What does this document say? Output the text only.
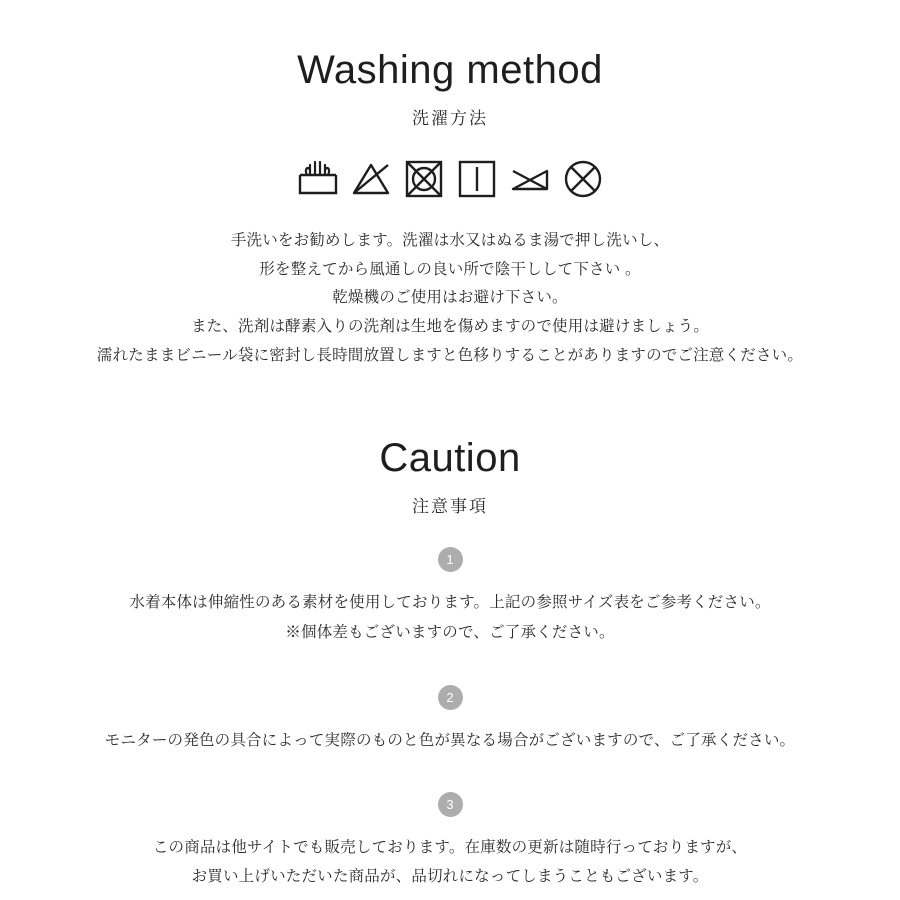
Washing method
洗濯方法
手洗いをお勧めします。洗濯は水又はぬるま湯で押し洗いし、
形を整えてから風通しの良い所で陰干しして下さい 。
乾燥機のご使用はお避け下さい。
また、洗剤は酵素入りの洗剤は生地を傷めますので使用は避けましょう。
濡れたままビニール袋に密封し長時間放置しますと色移りすることがありますのでご注意ください。
Caution
注意事項
1
水着本体は伸縮性のある素材を使用しております。上記の参照サイズ表をご参考ください。
※個体差もございますので、ご了承ください。
2
モニターの発色の具合によって実際のものと色が異なる場合がございますので、ご了承ください。
3
この商品は他サイトでも販売しております。在庫数の更新は随時行っておりますが、
お買い上げいただいた商品が、品切れになってしまうこともございます。
